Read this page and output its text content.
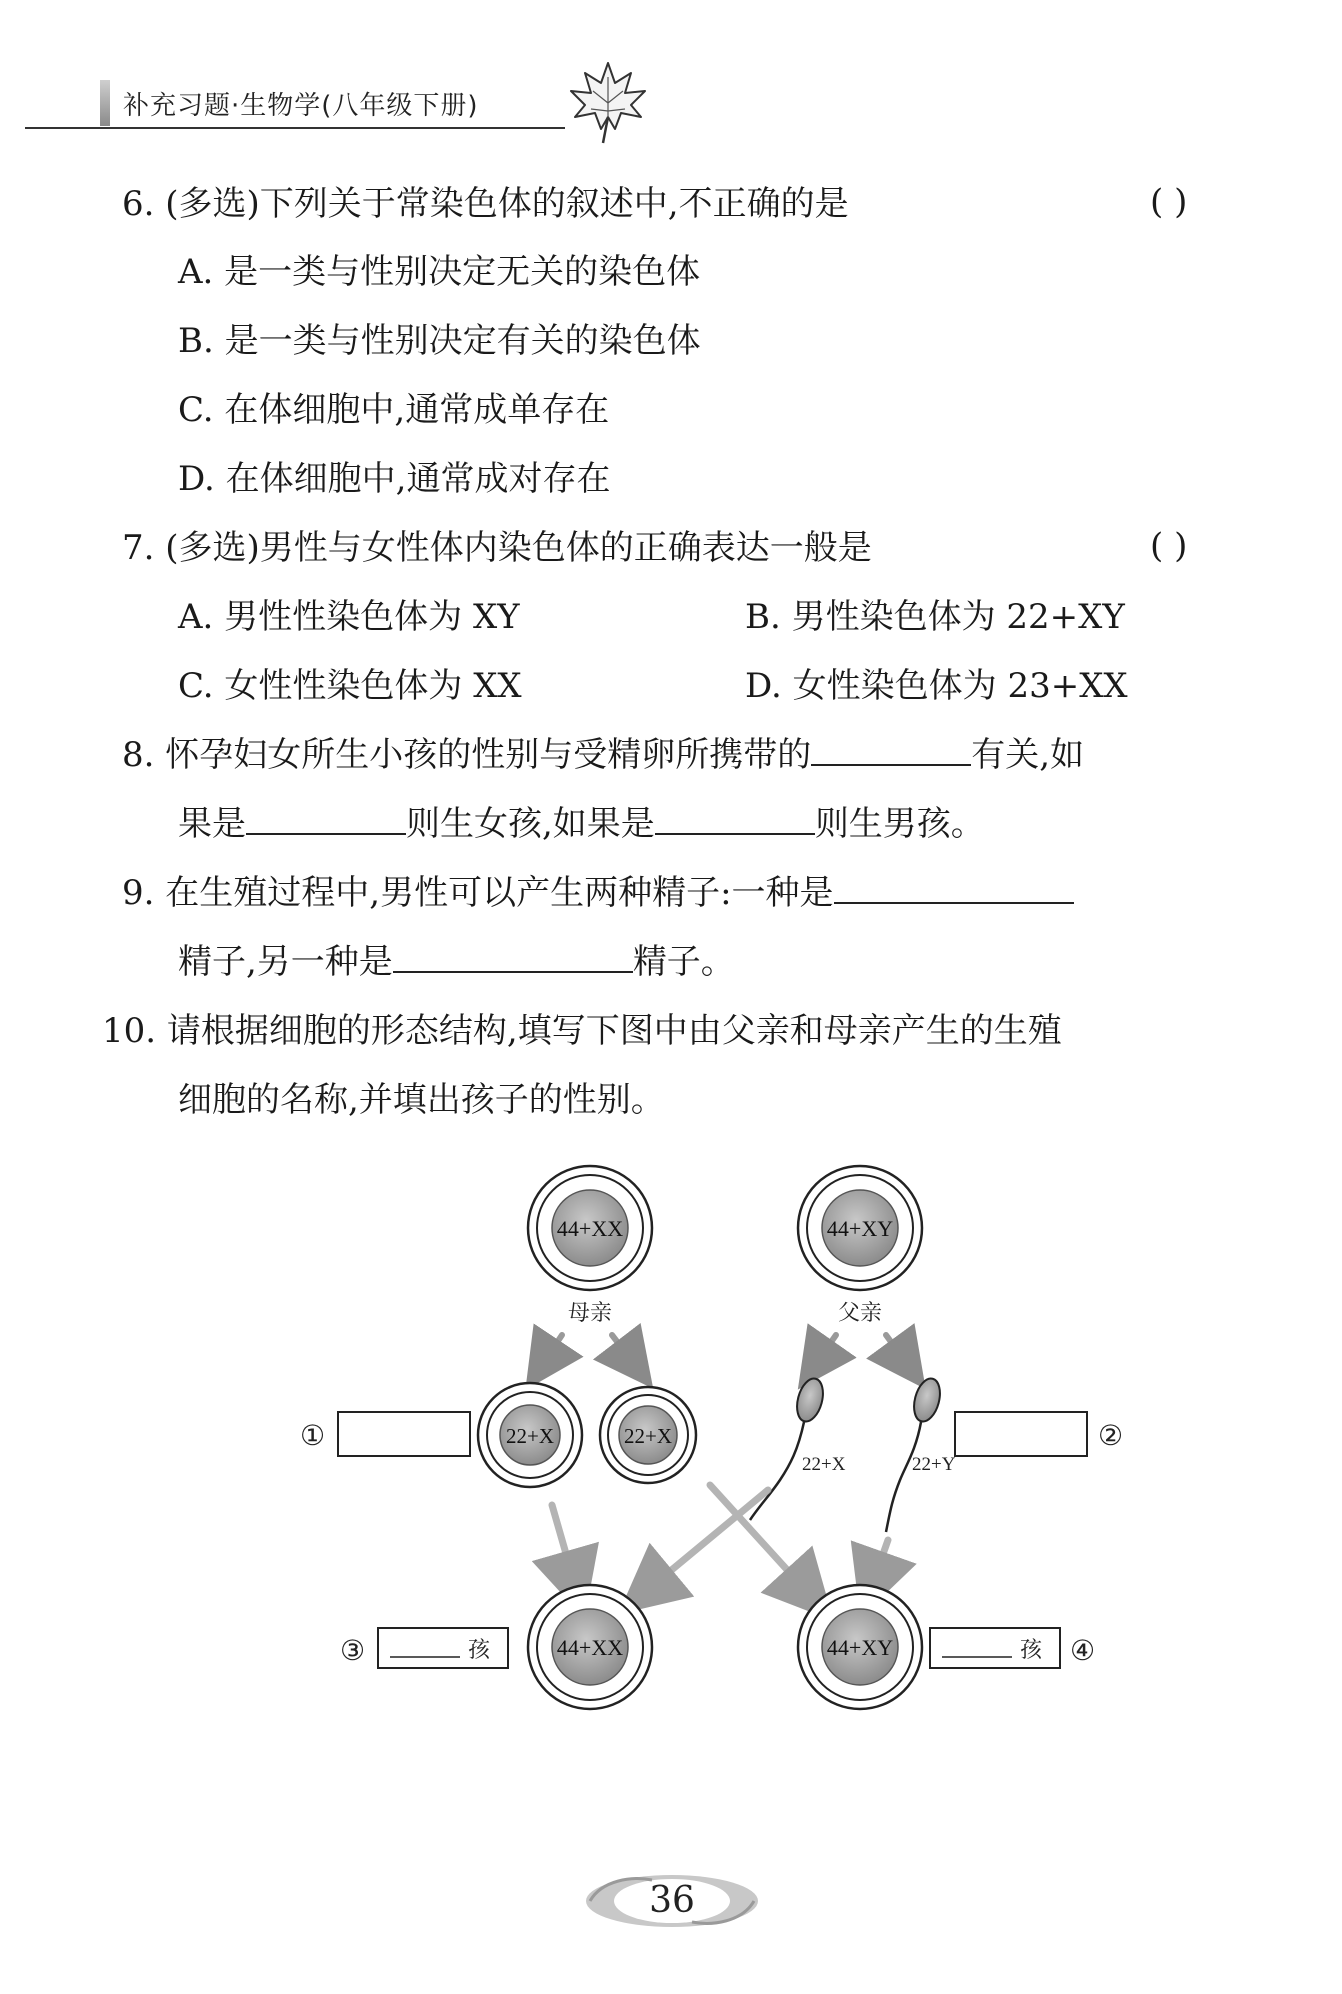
补充习题·生物学(八年级下册)
6. (多选)下列关于常染色体的叙述中,不正确的是	( )
A. 是一类与性别决定无关的染色体
B. 是一类与性别决定有关的染色体
C. 在体细胞中,通常成单存在
D. 在体细胞中,通常成对存在
7. (多选)男性与女性体内染色体的正确表达一般是	( )
A. 男性性染色体为 XY	B. 男性染色体为 22+XY
C. 女性性染色体为 XX	D. 女性染色体为 23+XX
8. 怀孕妇女所生小孩的性别与受精卵所携带的	有关,如
果是	则生女孩,如果是	则生男孩。
9. 在生殖过程中,男性可以产生两种精子:一种是
精子,另一种是	精子。
10. 请根据细胞的形态结构,填写下图中由父亲和母亲产生的生殖
细胞的名称,并填出孩子的性别。
44+XX
母亲
44+XY
父亲
22+X	22+X
22+X	22+Y
①	②
44+XX	44+XY
③	孩	孩 ④
36
